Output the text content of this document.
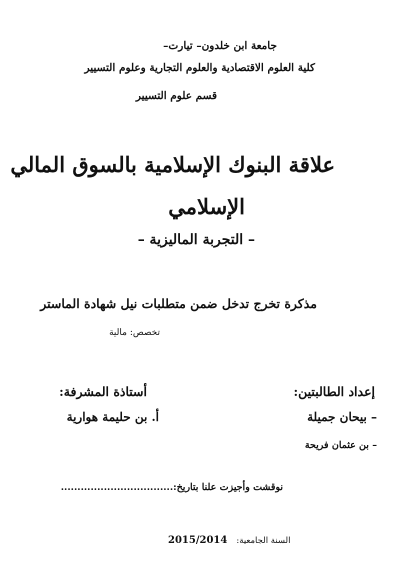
جامعة ابن خلدون– تيارت–
كلية العلوم الاقتصادية والعلوم التجارية وعلوم التسيير
قسم علوم التسيير
علاقة البنوك الإسلامية بالسوق المالي
الإسلامي
– التجربة الماليزية –
مذكرة تخرج تدخل ضمن متطلبات نيل شهادة الماستر
تخصص: مالية
إعداد الطالبتين:
أستاذة المشرفة:
– بيحان جميلة
أ. بن حليمة هوارية
– بن عثمان فريحة
نوقشت وأجيزت علنا بتاريخ:..................................
2015/2014 السنة الجامعية:
